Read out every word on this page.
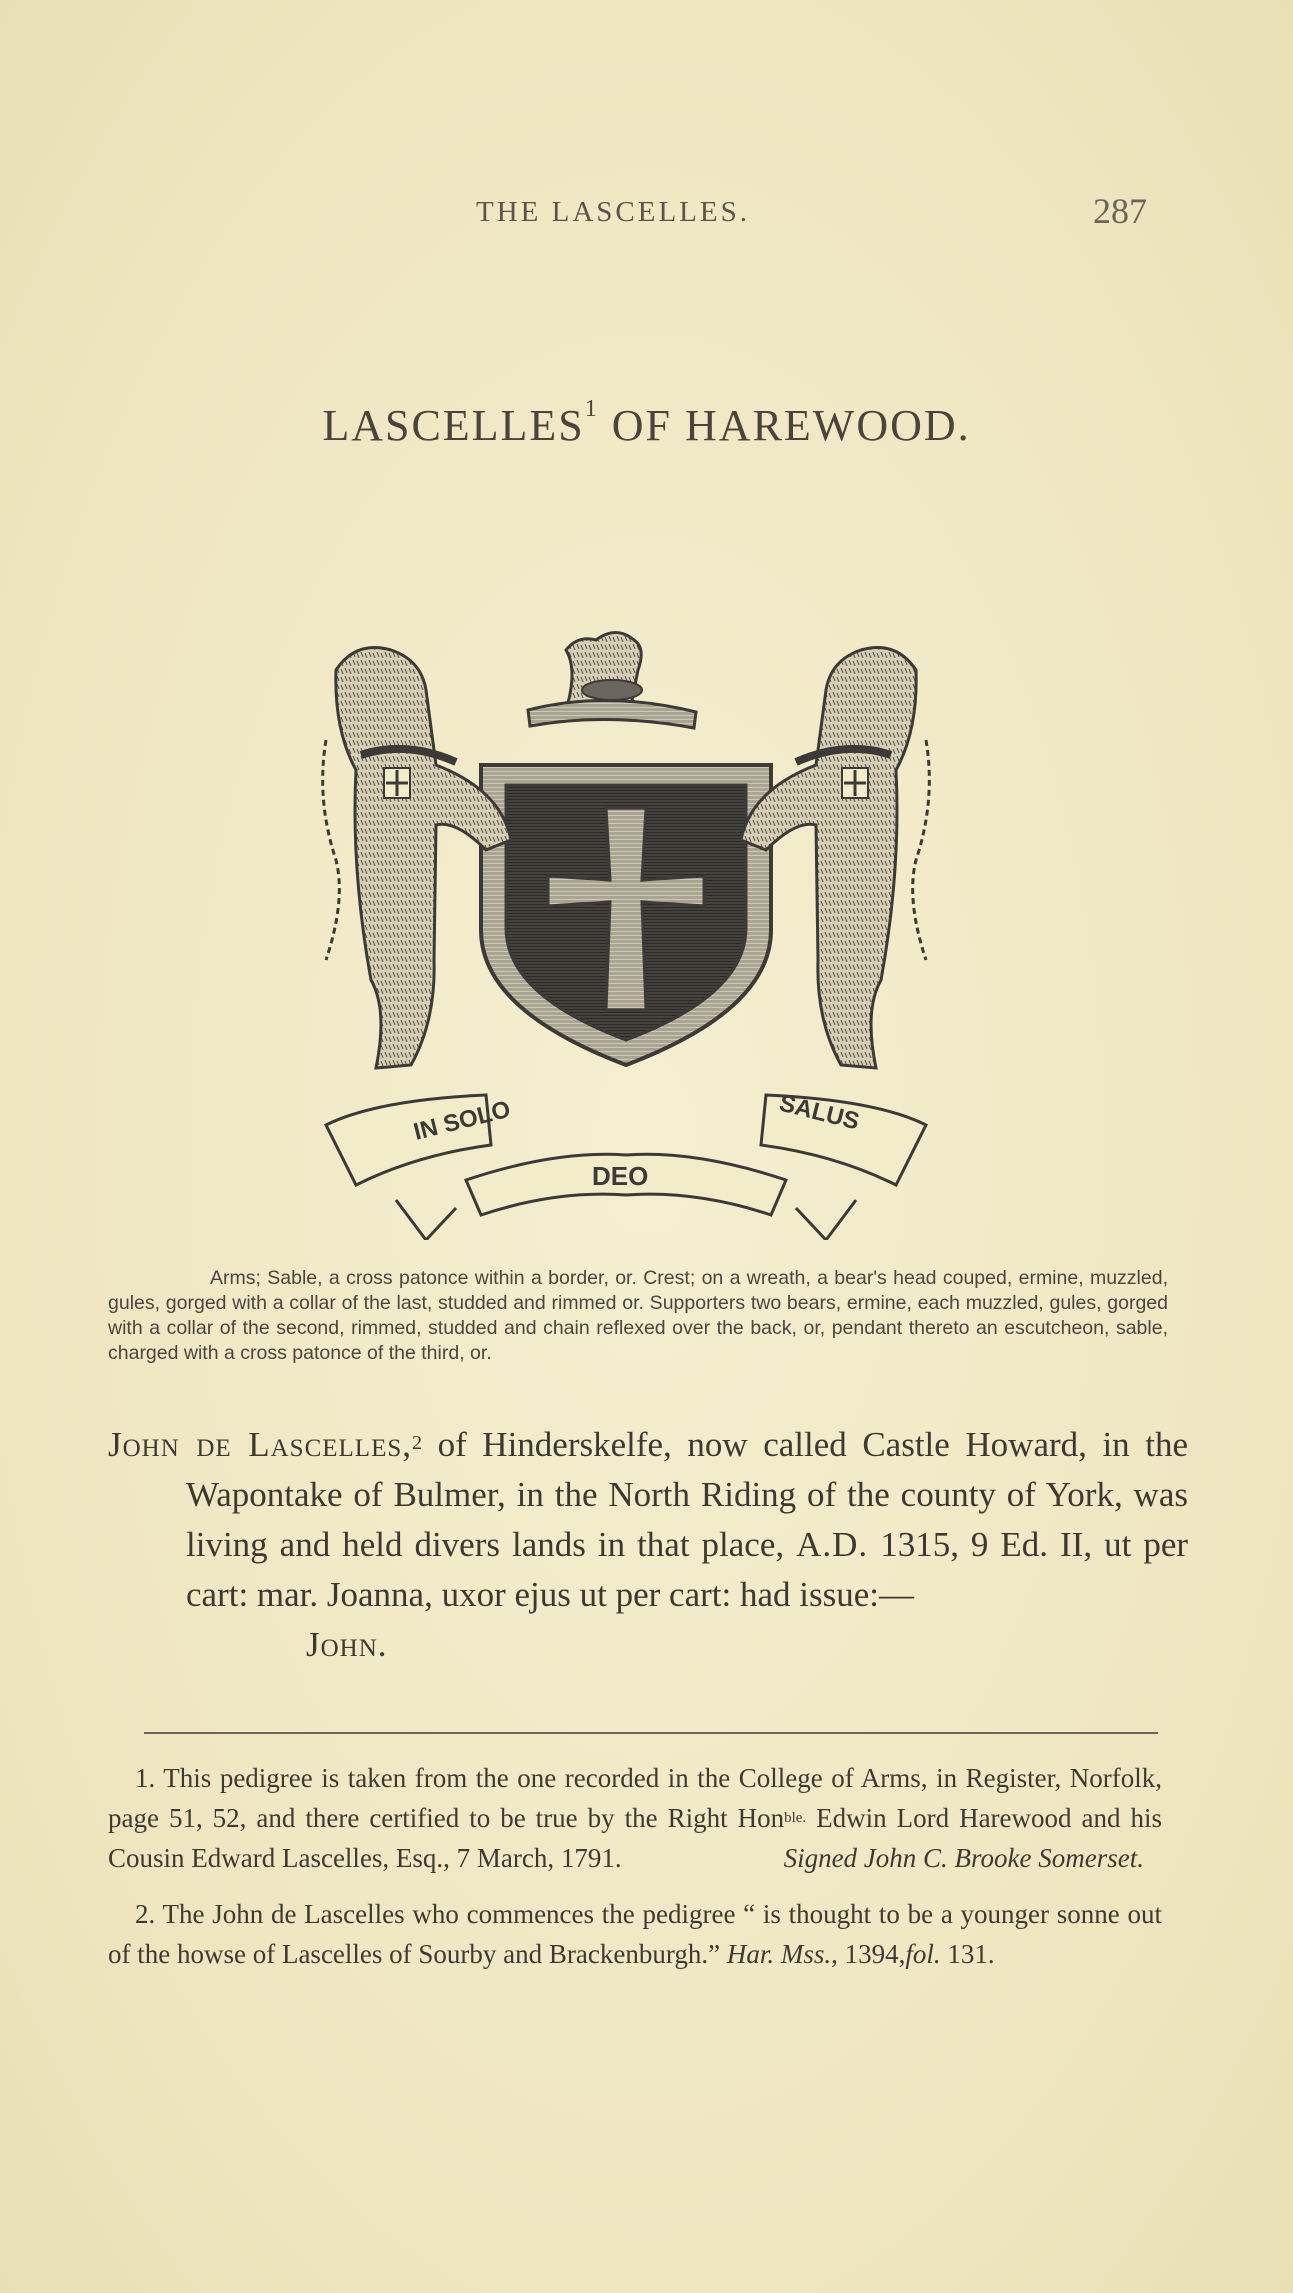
THE LASCELLES.	287
LASCELLES$^1$ OF HAREWOOD.
IN SOLO
DEO
SALUS
Arms; Sable, a cross patonce within a border, or. Crest; on a wreath, a bear's head couped, ermine, muzzled, gules, gorged with a collar of the last, studded and rimmed or. Supporters two bears, ermine, each muzzled, gules, gorged with a collar of the second, rimmed, studded and chain reflexed over the back, or, pendant thereto an escutcheon, sable, charged with a cross patonce of the third, or.
John de Lascelles,$^2$ of Hinderskelfe, now called Castle Howard, in the Wapontake of Bulmer, in the North Riding of the county of York, was living and held divers lands in that place, A.D. 1315, 9 Ed. II, ut per cart: mar. Joanna, uxor ejus ut per cart: had issue:—
John.

1. This pedigree is taken from the one recorded in the College of Arms, in Register, Norfolk, page 51, 52, and there certified to be true by the Right Hon$^{ble.}$ Edwin Lord Harewood and his Cousin Edward Lascelles, Esq., 7 March, 1791.	Signed John C. Brooke Somerset.

2. The John de Lascelles who commences the pedigree “ is thought to be a younger sonne out of the howse of Lascelles of Sourby and Brackenburgh.” Har. Mss., 1394,fol. 131.
